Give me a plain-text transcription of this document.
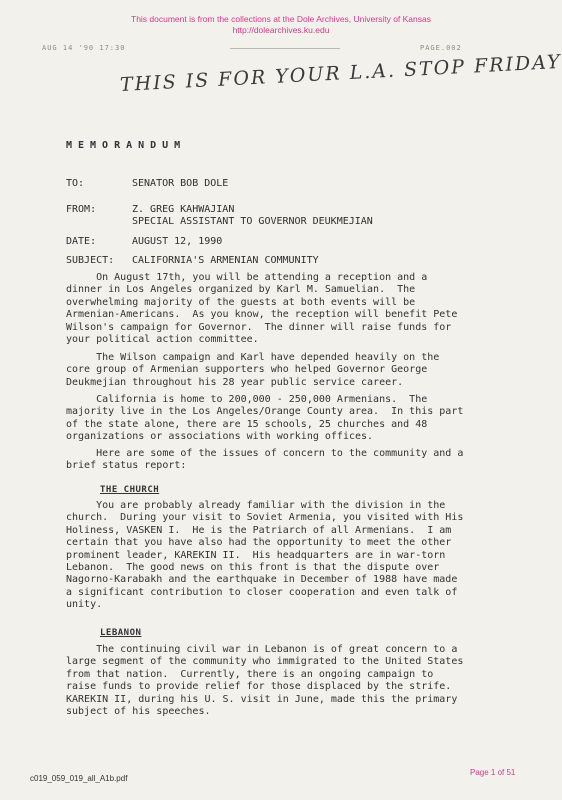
This document is from the collections at the Dole Archives, University of Kansas
http://dolearchives.ku.edu
AUG 14 '90 17:30	PAGE.002
THIS IS FOR YOUR L.A. STOP FRIDAY
MEMORANDUM
TO:	SENATOR BOB DOLE
FROM:	Z. GREG KAHWAJIAN
SPECIAL ASSISTANT TO GOVERNOR DEUKMEJIAN
DATE:	AUGUST 12, 1990
SUBJECT: CALIFORNIA'S ARMENIAN COMMUNITY
On August 17th, you will be attending a reception and a
dinner in Los Angeles organized by Karl M. Samuelian.  The
overwhelming majority of the guests at both events will be
Armenian-Americans.  As you know, the reception will benefit Pete
Wilson's campaign for Governor.  The dinner will raise funds for
your political action committee.
The Wilson campaign and Karl have depended heavily on the
core group of Armenian supporters who helped Governor George
Deukmejian throughout his 28 year public service career.
California is home to 200,000 - 250,000 Armenians.  The
majority live in the Los Angeles/Orange County area.  In this part
of the state alone, there are 15 schools, 25 churches and 48
organizations or associations with working offices.
Here are some of the issues of concern to the community and a
brief status report:
THE CHURCH
You are probably already familiar with the division in the
church.  During your visit to Soviet Armenia, you visited with His
Holiness, VASKEN I.  He is the Patriarch of all Armenians.  I am
certain that you have also had the opportunity to meet the other
prominent leader, KAREKIN II.  His headquarters are in war-torn
Lebanon.  The good news on this front is that the dispute over
Nagorno-Karabakh and the earthquake in December of 1988 have made
a significant contribution to closer cooperation and even talk of
unity.
LEBANON
The continuing civil war in Lebanon is of great concern to a
large segment of the community who immigrated to the United States
from that nation.  Currently, there is an ongoing campaign to
raise funds to provide relief for those displaced by the strife.
KAREKIN II, during his U. S. visit in June, made this the primary
subject of his speeches.
c019_059_019_all_A1b.pdf
Page 1 of 51
